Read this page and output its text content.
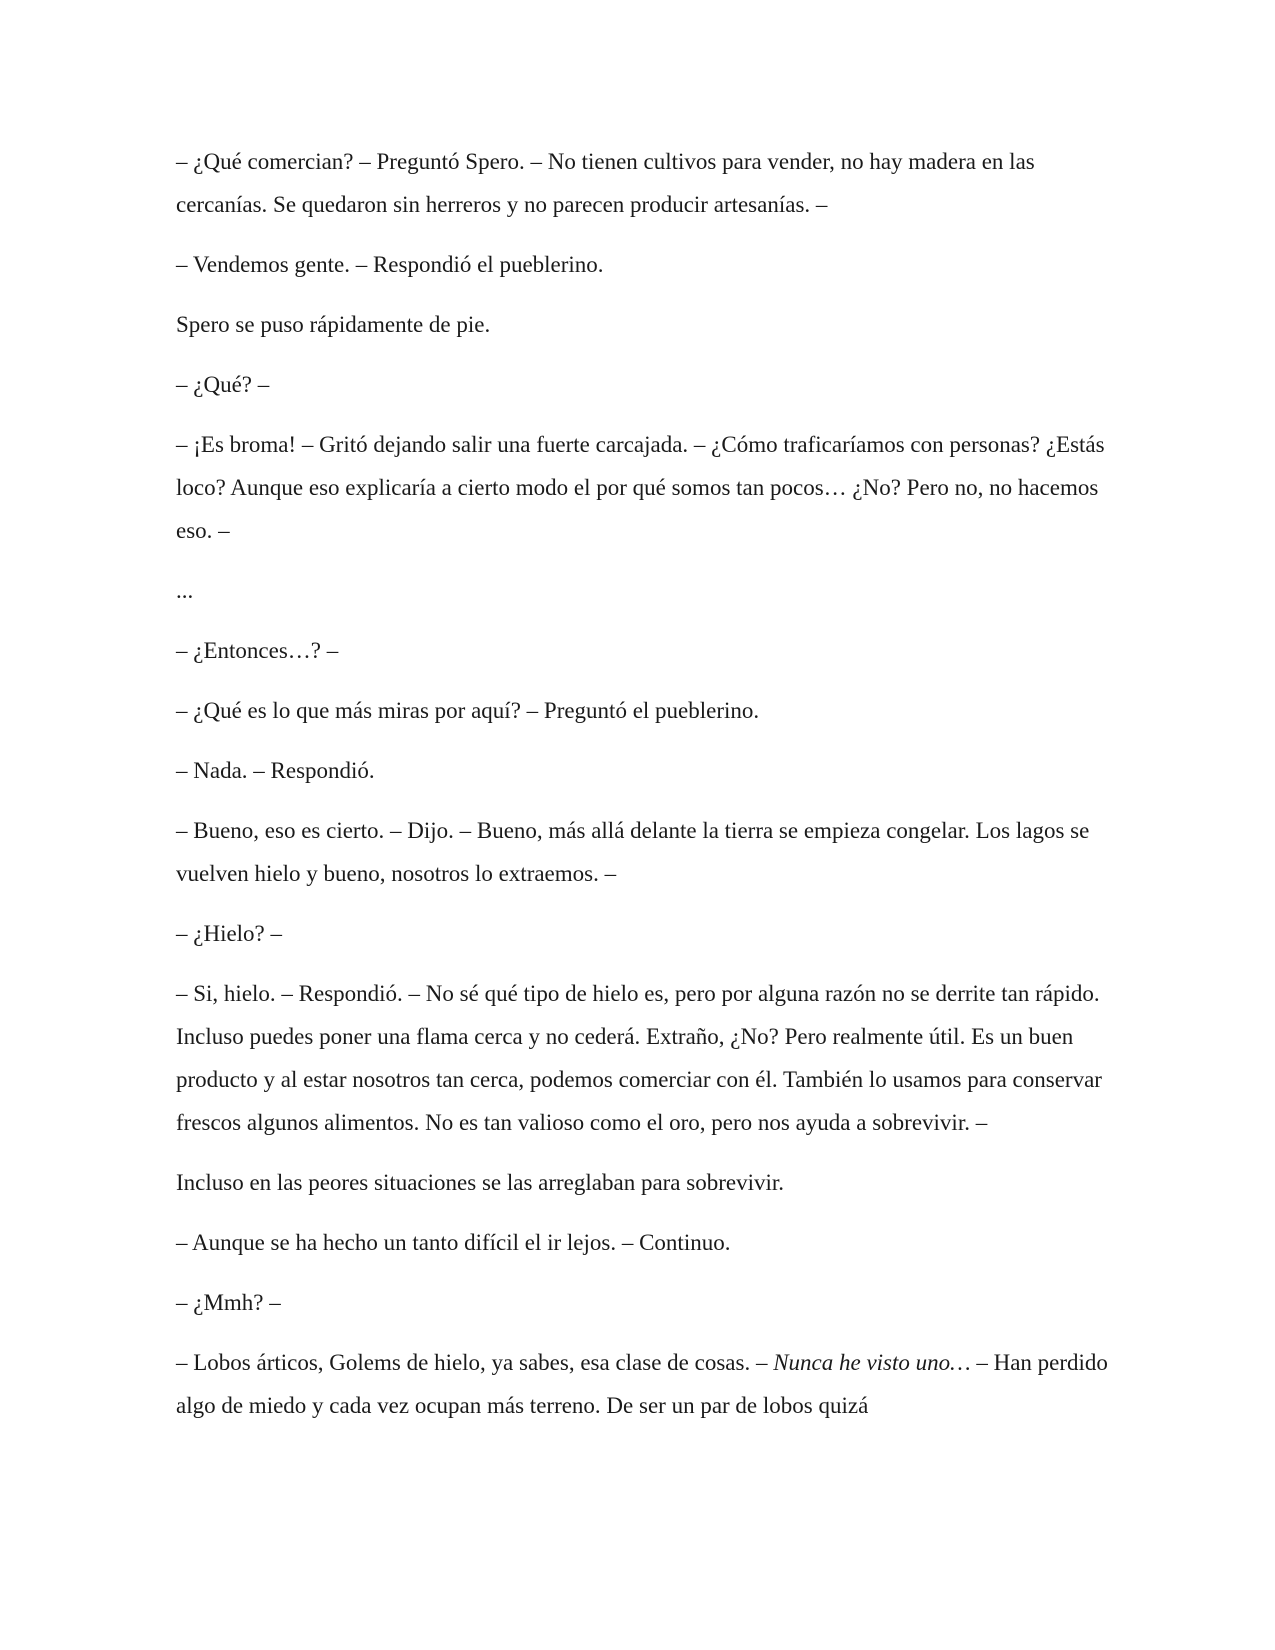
– ¿Qué comercian? – Preguntó Spero. – No tienen cultivos para vender, no hay madera en las cercanías. Se quedaron sin herreros y no parecen producir artesanías. –

– Vendemos gente. – Respondió el pueblerino.

Spero se puso rápidamente de pie.

– ¿Qué? –

– ¡Es broma! – Gritó dejando salir una fuerte carcajada. – ¿Cómo traficaríamos con personas? ¿Estás loco? Aunque eso explicaría a cierto modo el por qué somos tan pocos… ¿No? Pero no, no hacemos eso. –

...

– ¿Entonces…? –

– ¿Qué es lo que más miras por aquí? – Preguntó el pueblerino.

– Nada. – Respondió.

– Bueno, eso es cierto. – Dijo. – Bueno, más allá delante la tierra se empieza congelar. Los lagos se vuelven hielo y bueno, nosotros lo extraemos. –

– ¿Hielo? –

– Si, hielo. – Respondió. – No sé qué tipo de hielo es, pero por alguna razón no se derrite tan rápido. Incluso puedes poner una flama cerca y no cederá. Extraño, ¿No? Pero realmente útil. Es un buen producto y al estar nosotros tan cerca, podemos comerciar con él. También lo usamos para conservar frescos algunos alimentos. No es tan valioso como el oro, pero nos ayuda a sobrevivir. –

Incluso en las peores situaciones se las arreglaban para sobrevivir.

– Aunque se ha hecho un tanto difícil el ir lejos. – Continuo.

– ¿Mmh? –

– Lobos árticos, Golems de hielo, ya sabes, esa clase de cosas. – Nunca he visto uno… – Han perdido algo de miedo y cada vez ocupan más terreno. De ser un par de lobos quizá
